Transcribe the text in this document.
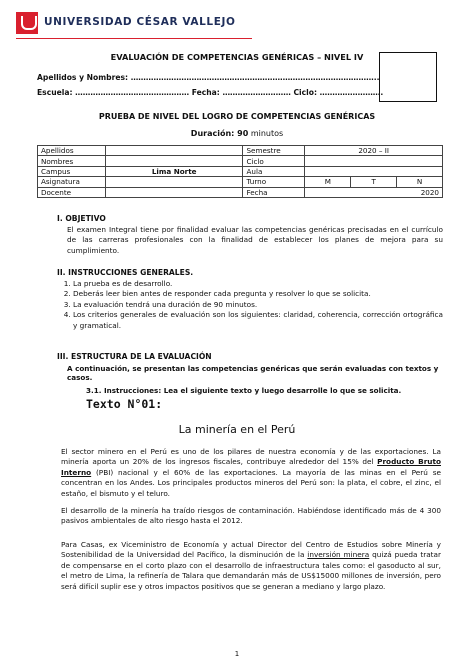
UNIVERSIDAD CÉSAR VALLEJO
EVALUACIÓN DE COMPETENCIAS GENÉRICAS – NIVEL IV
Apellidos y Nombres: ……………………………………………………………………………………..
Escuela: ……………………………………… Fecha: ……………………… Ciclo: …………………….
PRUEBA DE NIVEL DEL LOGRO DE COMPETENCIAS GENÉRICAS
Duración: 90 minutos
Apellidos		Semestre	2020 – II		
Nombres		Ciclo			
Campus	Lima Norte	Aula			
Asignatura		Turno	M	T	N
Docente		Fecha	2020		
I. OBJETIVO
El examen Integral tiene por finalidad evaluar las competencias genéricas precisadas en el currículo de las carreras profesionales con la finalidad de establecer los planes de mejora para su cumplimiento.
II. INSTRUCCIONES GENERALES.
1. La prueba es de desarrollo.
2. Deberás leer bien antes de responder cada pregunta y resolver lo que se solicita.
3. La evaluación tendrá una duración de 90 minutos.
4. Los criterios generales de evaluación son los siguientes: claridad, coherencia, corrección ortográfica y gramatical.
III. ESTRUCTURA DE LA EVALUACIÓN
A continuación, se presentan las competencias genéricas que serán evaluadas con textos y casos.
3.1. Instrucciones: Lea el siguiente texto y luego desarrolle lo que se solicita.
Texto N°01:
La minería en el Perú
El sector minero en el Perú es uno de los pilares de nuestra economía y de las exportaciones. La minería aporta un 20% de los ingresos fiscales, contribuye alrededor del 15% del Producto Bruto Interno (PBI) nacional y el 60% de las exportaciones. La mayoría de las minas en el Perú se concentran en los Andes. Los principales productos mineros del Perú son: la plata, el cobre, el zinc, el estaño, el bismuto y el teluro.
El desarrollo de la minería ha traído riesgos de contaminación. Habiéndose identificado más de 4 300 pasivos ambientales de alto riesgo hasta el 2012.
Para Casas, ex Viceministro de Economía y actual Director del Centro de Estudios sobre Minería y Sostenibilidad de la Universidad del Pacífico, la disminución de la inversión minera quizá pueda tratar de compensarse en el corto plazo con el desarrollo de infraestructura tales como: el gasoducto al sur, el metro de Lima, la refinería de Talara que demandarán más de US$15000 millones de inversión, pero será difícil suplir ese y otros impactos positivos que se generan a mediano y largo plazo.
1
